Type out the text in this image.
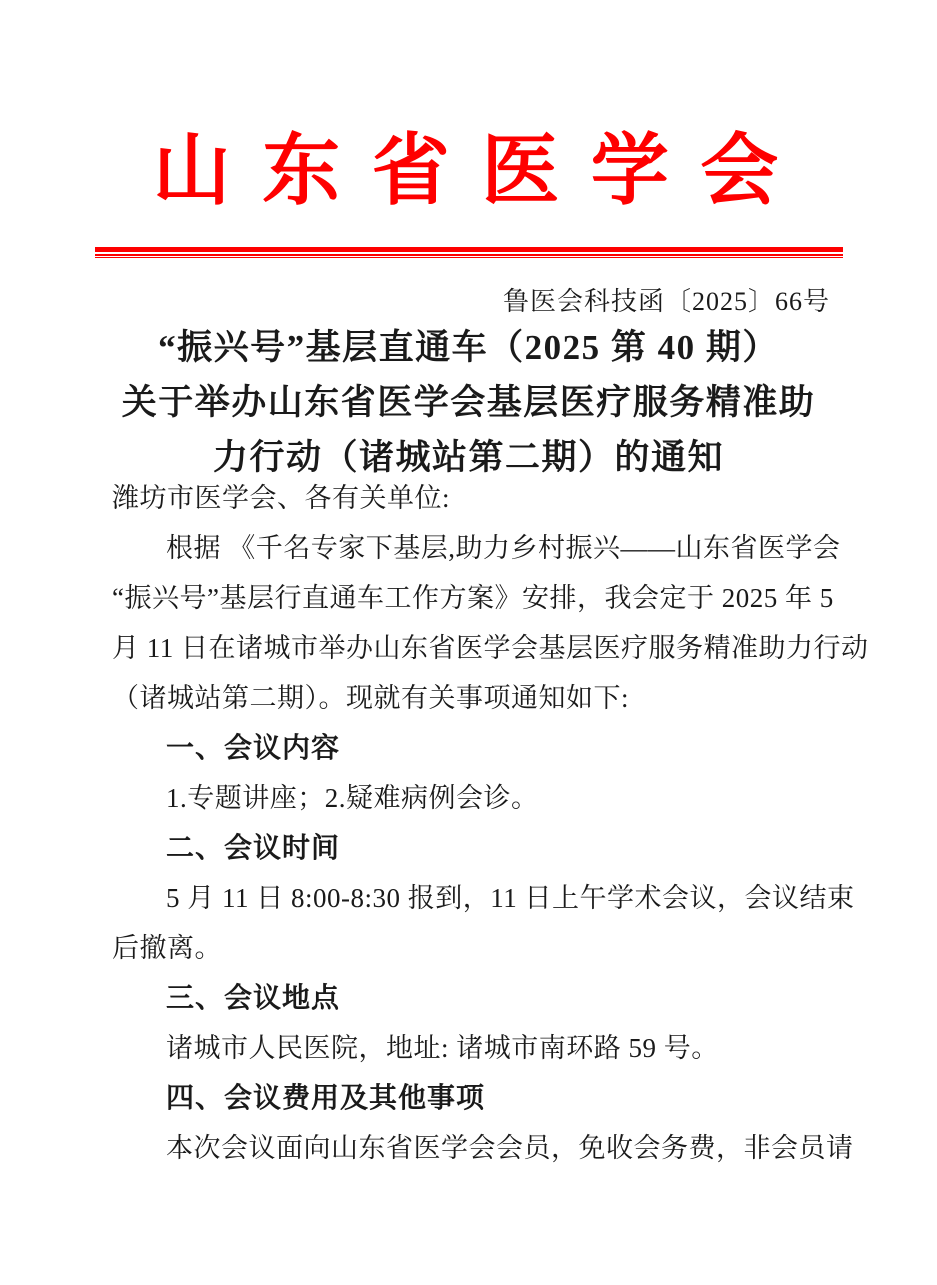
山 东 省 医 学 会
鲁医会科技函〔2025〕66号
“振兴号”基层直通车（2025 第 40 期）
关于举办山东省医学会基层医疗服务精准助
力行动（诸城站第二期）的通知
潍坊市医学会、各有关单位:
根据 《千名专家下基层,助力乡村振兴——山东省医学会
“振兴号”基层行直通车工作方案》安排，我会定于 2025 年 5
月 11 日在诸城市举办山东省医学会基层医疗服务精准助力行动
（诸城站第二期）。现就有关事项通知如下:
一、会议内容
1.专题讲座；2.疑难病例会诊。
二、会议时间
5 月 11 日 8:00-8:30 报到，11 日上午学术会议，会议结束
后撤离。
三、会议地点
诸城市人民医院，地址: 诸城市南环路 59 号。
四、会议费用及其他事项
本次会议面向山东省医学会会员，免收会务费，非会员请
